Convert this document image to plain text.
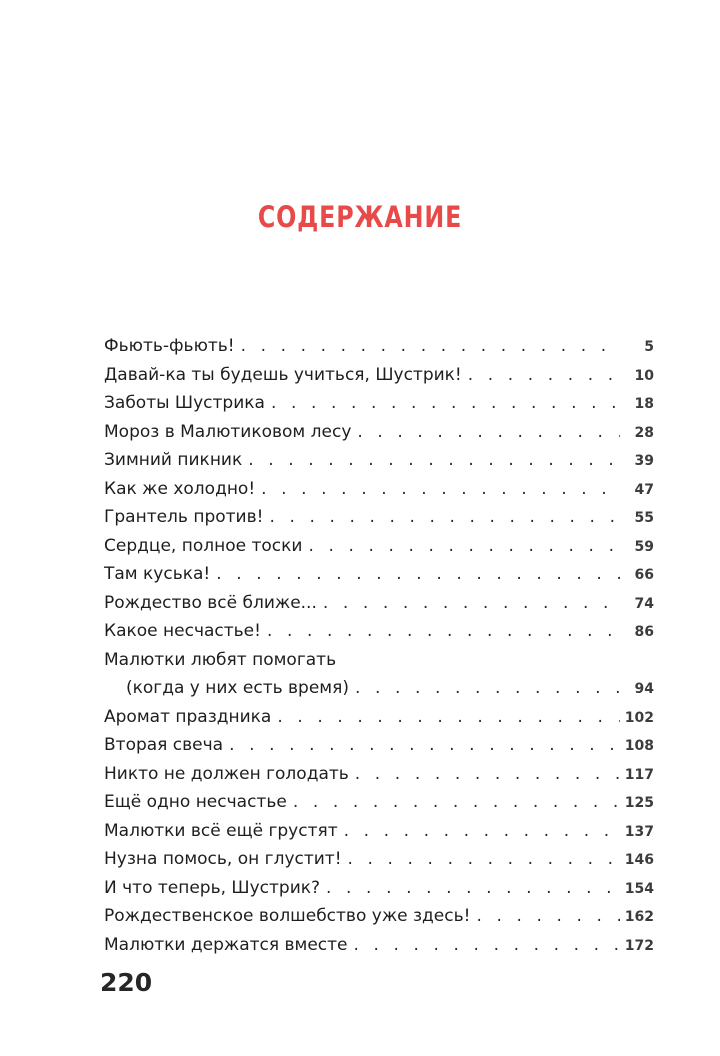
СОДЕРЖАНИЕ
Фьють-фьють! . . .	5
Давай-ка ты будешь учиться, Шустрик! . . .	10
Заботы Шустрика . . .	18
Мороз в Малютиковом лесу . . .	28
Зимний пикник . . .	39
Как же холодно! . . .	47
Грантель против! . . .	55
Сердце, полное тоски . . .	59
Там куська! . . .	66
Рождество всё ближе... . . .	74
Какое несчастье! . . .	86
Малютки любят помогать
(когда у них есть время) . . .	94
Аромат праздника . . .	102
Вторая свеча . . .	108
Никто не должен голодать . . .	117
Ещё одно несчастье . . .	125
Малютки всё ещё грустят . . .	137
Нузна помось, он глустит! . . .	146
И что теперь, Шустрик? . . .	154
Рождественское волшебство уже здесь! . . .	162
Малютки держатся вместе . . .	172
220
